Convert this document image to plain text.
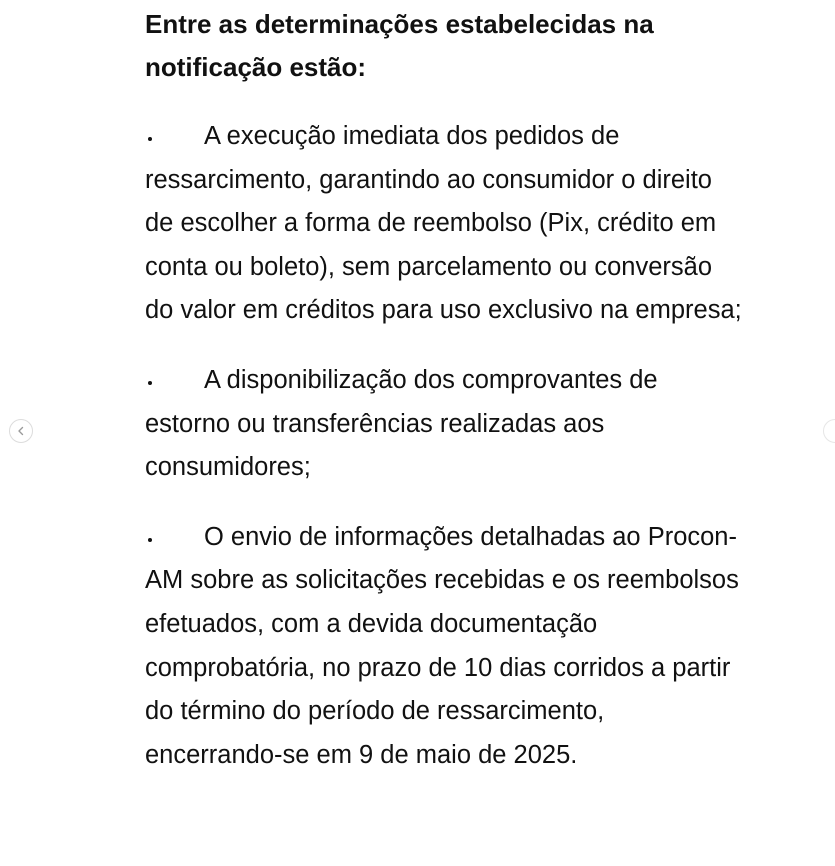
Entre as determinações estabelecidas na notificação estão:
A execução imediata dos pedidos de ressarcimento, garantindo ao consumidor o direito de escolher a forma de reembolso (Pix, crédito em conta ou boleto), sem parcelamento ou conversão do valor em créditos para uso exclusivo na empresa;
A disponibilização dos comprovantes de estorno ou transferências realizadas aos consumidores;
O envio de informações detalhadas ao Procon-AM sobre as solicitações recebidas e os reembolsos efetuados, com a devida documentação comprobatória, no prazo de 10 dias corridos a partir do término do período de ressarcimento, encerrando-se em 9 de maio de 2025.
